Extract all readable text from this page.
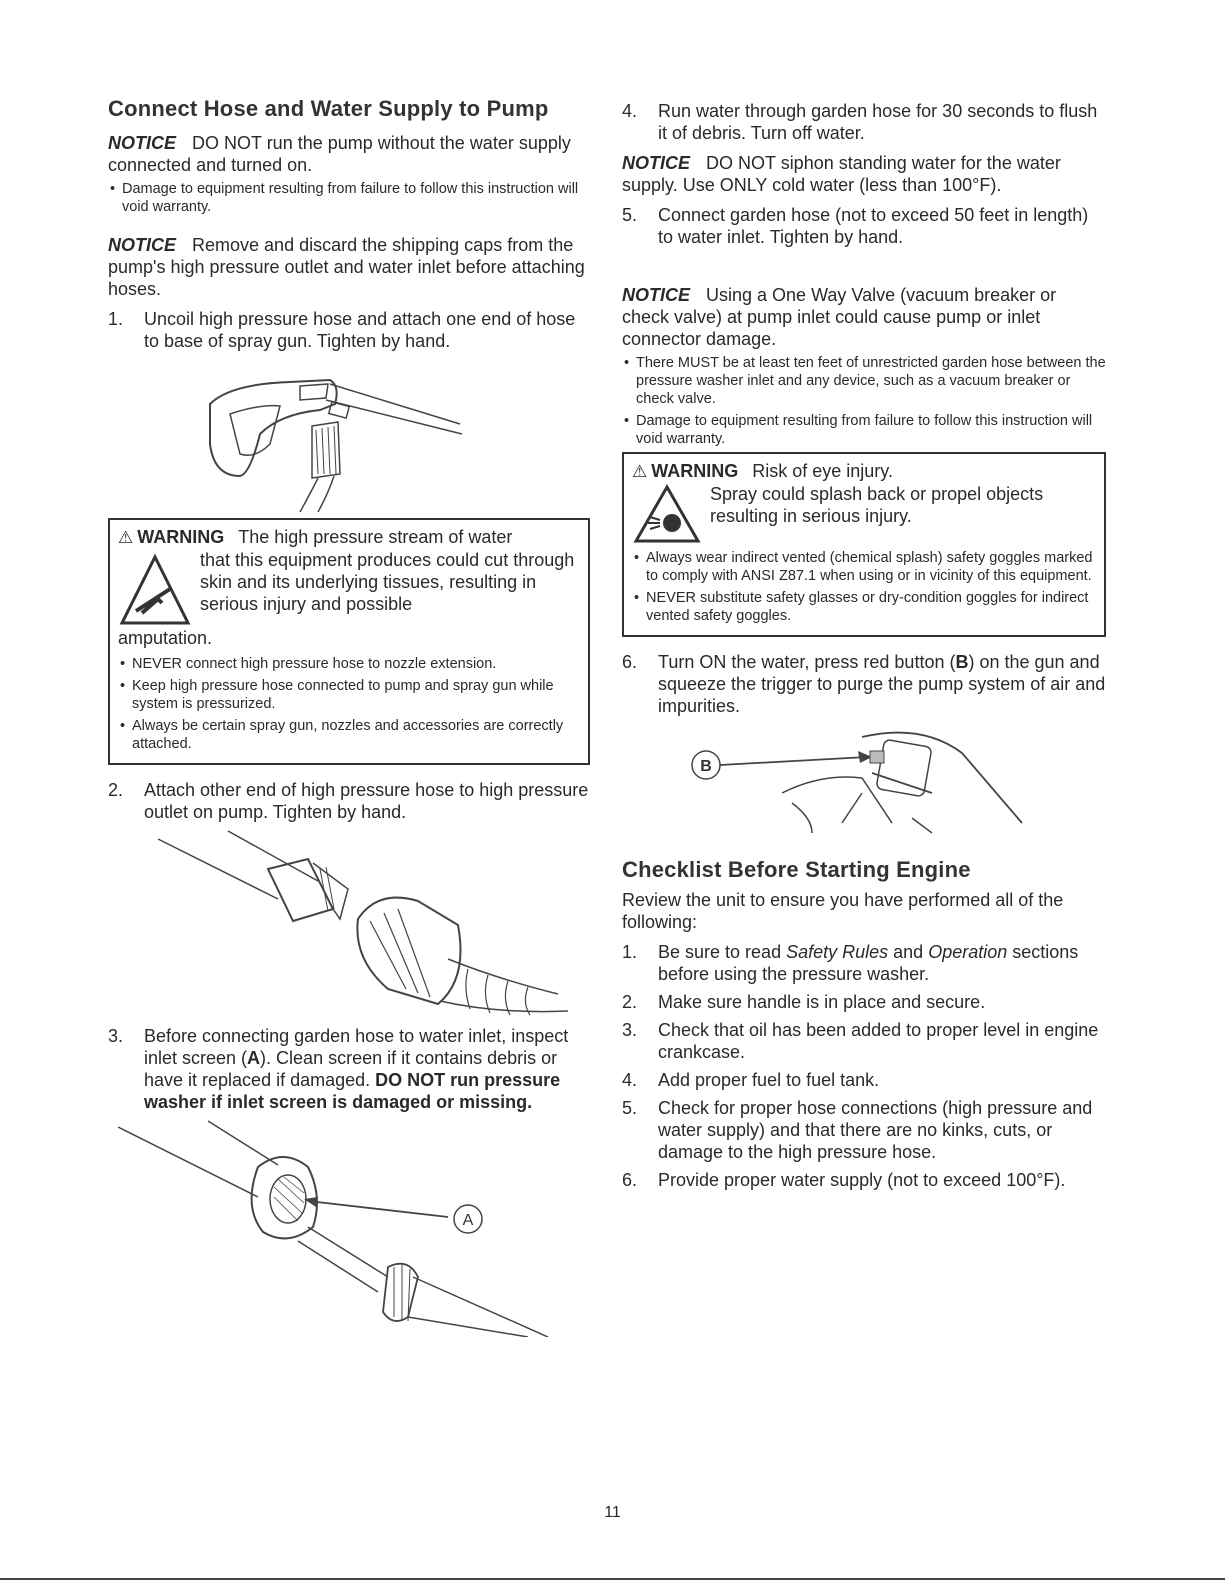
Connect Hose and Water Supply to Pump

NOTICE DO NOT run the pump without the water supply connected and turned on.

• Damage to equipment resulting from failure to follow this instruction will void warranty.

NOTICE Remove and discard the shipping caps from the pump's high pressure outlet and water inlet before attaching hoses.

1. Uncoil high pressure hose and attach one end of hose to base of spray gun. Tighten by hand.
⚠ WARNING The high pressure stream of water

that this equipment produces could cut through skin and its underlying tissues, resulting in serious injury and possible

amputation.

• NEVER connect high pressure hose to nozzle extension.
• Keep high pressure hose connected to pump and spray gun while system is pressurized.
• Always be certain spray gun, nozzles and accessories are correctly attached.
2. Attach other end of high pressure hose to high pressure outlet on pump. Tighten by hand.
3. Before connecting garden hose to water inlet, inspect inlet screen (A). Clean screen if it contains debris or have it replaced if damaged. DO NOT run pressure washer if inlet screen is damaged or missing.
A
4. Run water through garden hose for 30 seconds to flush it of debris. Turn off water.

NOTICE DO NOT siphon standing water for the water supply. Use ONLY cold water (less than 100°F).

5. Connect garden hose (not to exceed 50 feet in length) to water inlet. Tighten by hand.

NOTICE Using a One Way Valve (vacuum breaker or check valve) at pump inlet could cause pump or inlet connector damage.

• There MUST be at least ten feet of unrestricted garden hose between the pressure washer inlet and any device, such as a vacuum breaker or check valve.
• Damage to equipment resulting from failure to follow this instruction will void warranty.
⚠ WARNING Risk of eye injury.

Spray could splash back or propel objects resulting in serious injury.

• Always wear indirect vented (chemical splash) safety goggles marked to comply with ANSI Z87.1 when using or in vicinity of this equipment.
• NEVER substitute safety glasses or dry-condition goggles for indirect vented safety goggles.
6. Turn ON the water, press red button (B) on the gun and squeeze the trigger to purge the pump system of air and impurities.
B
Checklist Before Starting Engine

Review the unit to ensure you have performed all of the following:

1. Be sure to read Safety Rules and Operation sections before using the pressure washer.
2. Make sure handle is in place and secure.
3. Check that oil has been added to proper level in engine crankcase.
4. Add proper fuel to fuel tank.
5. Check for proper hose connections (high pressure and water supply) and that there are no kinks, cuts, or damage to the high pressure hose.
6. Provide proper water supply (not to exceed 100°F).
11
